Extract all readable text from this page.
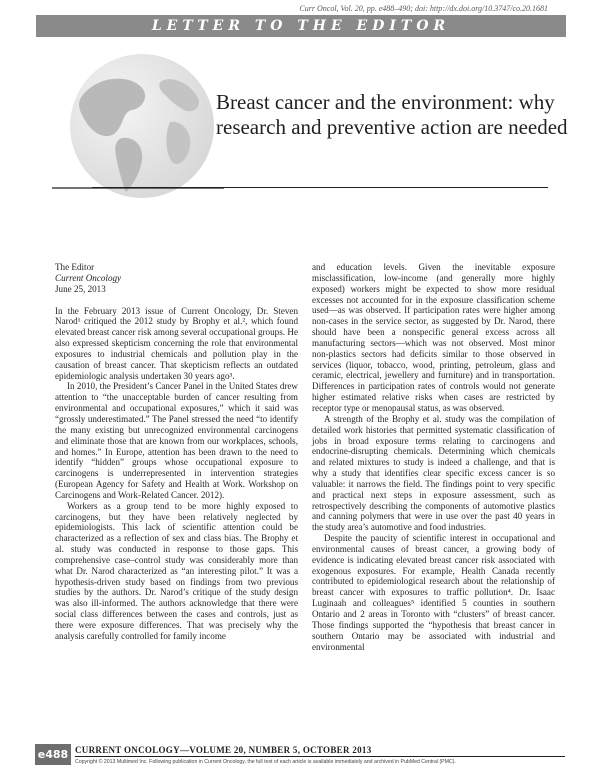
Curr Oncol, Vol. 20, pp. e488–490; doi: http://dx.doi.org/10.3747/co.20.1681
LETTER TO THE EDITOR
Breast cancer and the environment: why research and preventive action are needed
The Editor
Current Oncology
June 25, 2013

In the February 2013 issue of Current Oncology, Dr. Steven Narod¹ critiqued the 2012 study by Brophy et al.², which found elevated breast cancer risk among several occupational groups. He also expressed skepticism concerning the role that environmental exposures to industrial chemicals and pollution play in the causation of breast cancer. That skepticism reflects an outdated epidemiologic analysis undertaken 30 years ago³.

In 2010, the President’s Cancer Panel in the United States drew attention to “the unacceptable burden of cancer resulting from environmental and occupational exposures,” which it said was “grossly underestimated.” The Panel stressed the need “to identify the many existing but unrecognized environmental carcinogens and eliminate those that are known from our workplaces, schools, and homes.” In Europe, attention has been drawn to the need to identify “hidden” groups whose occupational exposure to carcinogens is underrepresented in intervention strategies (European Agency for Safety and Health at Work. Workshop on Carcinogens and Work-Related Cancer. 2012).

Workers as a group tend to be more highly exposed to carcinogens, but they have been relatively neglected by epidemiologists. This lack of scientific attention could be characterized as a reflection of sex and class bias. The Brophy et al. study was conducted in response to those gaps. This comprehensive case–control study was considerably more than what Dr. Narod characterized as “an interesting pilot.” It was a hypothesis-driven study based on findings from two previous studies by the authors. Dr. Narod’s critique of the study design was also ill-informed. The authors acknowledge that there were social class differences between the cases and controls, just as there were exposure differences. That was precisely why the analysis carefully controlled for family income

and education levels. Given the inevitable exposure misclassification, low-income (and generally more highly exposed) workers might be expected to show more residual excesses not accounted for in the exposure classification scheme used—as was observed. If participation rates were higher among non-cases in the service sector, as suggested by Dr. Narod, there should have been a nonspecific general excess across all manufacturing sectors—which was not observed. Most minor non-plastics sectors had deficits similar to those observed in services (liquor, tobacco, wood, printing, petroleum, glass and ceramic, electrical, jewellery and furniture) and in transportation. Differences in participation rates of controls would not generate higher estimated relative risks when cases are restricted by receptor type or menopausal status, as was observed.

A strength of the Brophy et al. study was the compilation of detailed work histories that permitted systematic classification of jobs in broad exposure terms relating to carcinogens and endocrine-disrupting chemicals. Determining which chemicals and related mixtures to study is indeed a challenge, and that is why a study that identifies clear specific excess cancer is so valuable: it narrows the field. The findings point to very specific and practical next steps in exposure assessment, such as retrospectively describing the components of automotive plastics and canning polymers that were in use over the past 40 years in the study area’s automotive and food industries.

Despite the paucity of scientific interest in occupational and environmental causes of breast cancer, a growing body of evidence is indicating elevated breast cancer risk associated with exogenous exposures. For example, Health Canada recently contributed to epidemiological research about the relationship of breast cancer with exposures to traffic pollution⁴. Dr. Isaac Luginaah and colleagues⁵ identified 5 counties in southern Ontario and 2 areas in Toronto with “clusters” of breast cancer. Those findings supported the “hypothesis that breast cancer in southern Ontario may be associated with industrial and environmental

e488 CURRENT ONCOLOGY—VOLUME 20, NUMBER 5, OCTOBER 2013
Copyright © 2013 Multimed Inc. Following publication in Current Oncology, the full text of each article is available immediately and archived in PubMed Central (PMC).
